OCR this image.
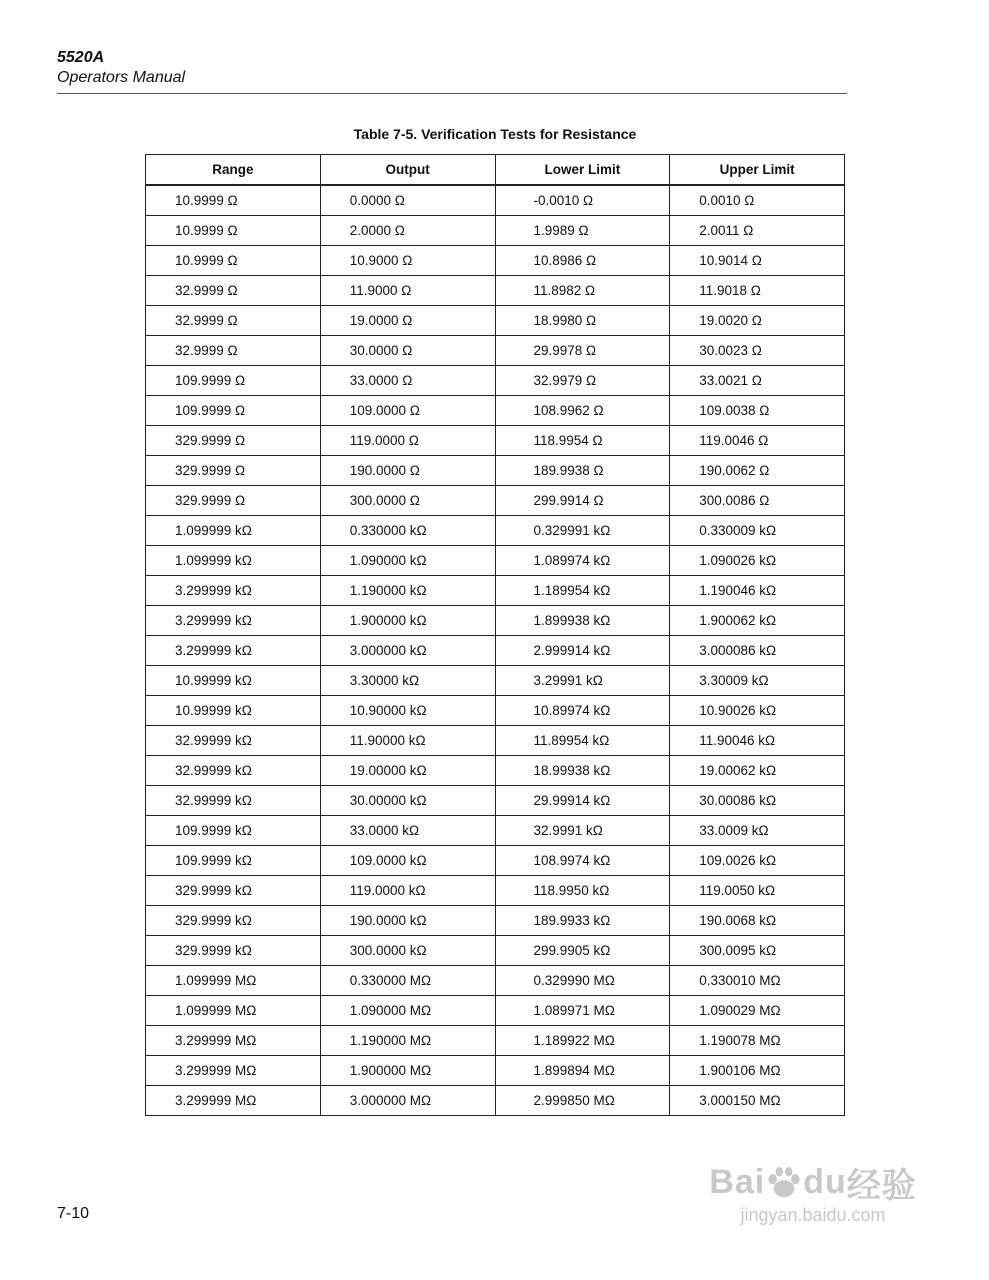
5520A
Operators Manual
Table 7-5. Verification Tests for Resistance
Range	Output	Lower Limit	Upper Limit
10.9999 Ω	0.0000 Ω	-0.0010 Ω	0.0010 Ω
10.9999 Ω	2.0000 Ω	1.9989 Ω	2.0011 Ω
10.9999 Ω	10.9000 Ω	10.8986 Ω	10.9014 Ω
32.9999 Ω	11.9000 Ω	11.8982 Ω	11.9018 Ω
32.9999 Ω	19.0000 Ω	18.9980 Ω	19.0020 Ω
32.9999 Ω	30.0000 Ω	29.9978 Ω	30.0023 Ω
109.9999 Ω	33.0000 Ω	32.9979 Ω	33.0021 Ω
109.9999 Ω	109.0000 Ω	108.9962 Ω	109.0038 Ω
329.9999 Ω	119.0000 Ω	118.9954 Ω	119.0046 Ω
329.9999 Ω	190.0000 Ω	189.9938 Ω	190.0062 Ω
329.9999 Ω	300.0000 Ω	299.9914 Ω	300.0086 Ω
1.099999 kΩ	0.330000 kΩ	0.329991 kΩ	0.330009 kΩ
1.099999 kΩ	1.090000 kΩ	1.089974 kΩ	1.090026 kΩ
3.299999 kΩ	1.190000 kΩ	1.189954 kΩ	1.190046 kΩ
3.299999 kΩ	1.900000 kΩ	1.899938 kΩ	1.900062 kΩ
3.299999 kΩ	3.000000 kΩ	2.999914 kΩ	3.000086 kΩ
10.99999 kΩ	3.30000 kΩ	3.29991 kΩ	3.30009 kΩ
10.99999 kΩ	10.90000 kΩ	10.89974 kΩ	10.90026 kΩ
32.99999 kΩ	11.90000 kΩ	11.89954 kΩ	11.90046 kΩ
32.99999 kΩ	19.00000 kΩ	18.99938 kΩ	19.00062 kΩ
32.99999 kΩ	30.00000 kΩ	29.99914 kΩ	30.00086 kΩ
109.9999 kΩ	33.0000 kΩ	32.9991 kΩ	33.0009 kΩ
109.9999 kΩ	109.0000 kΩ	108.9974 kΩ	109.0026 kΩ
329.9999 kΩ	119.0000 kΩ	118.9950 kΩ	119.0050 kΩ
329.9999 kΩ	190.0000 kΩ	189.9933 kΩ	190.0068 kΩ
329.9999 kΩ	300.0000 kΩ	299.9905 kΩ	300.0095 kΩ
1.099999 MΩ	0.330000 MΩ	0.329990 MΩ	0.330010 MΩ
1.099999 MΩ	1.090000 MΩ	1.089971 MΩ	1.090029 MΩ
3.299999 MΩ	1.190000 MΩ	1.189922 MΩ	1.190078 MΩ
3.299999 MΩ	1.900000 MΩ	1.899894 MΩ	1.900106 MΩ
3.299999 MΩ	3.000000 MΩ	2.999850 MΩ	3.000150 MΩ
7-10
Bai du经验
jingyan.baidu.com
